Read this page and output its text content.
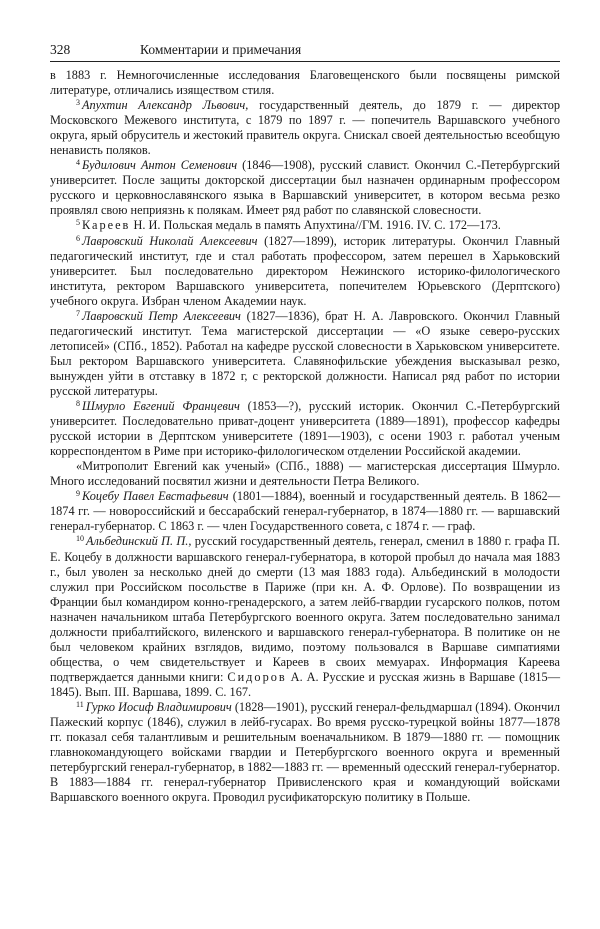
328	Комментарии и примечания

в 1883 г. Немногочисленные исследования Благовещенского были посвящены римской литературе, отличались изяществом стиля.

$^3$ Апухтин Александр Львович, государственный деятель, до 1879 г. — директор Московского Межевого института, с 1879 по 1897 г. — попечитель Варшавского учебного округа, ярый обруситель и жестокий правитель округа. Снискал своей деятельностью всеобщую ненависть поляков.

$^4$ Будилович Антон Семенович (1846—1908), русский славист. Окончил С.-Петербургский университет. После защиты докторской диссертации был назначен ординарным профессором русского и церковнославянского языка в Варшавский университет, в котором весьма резко проявлял свою неприязнь к полякам. Имеет ряд работ по славянской словесности.

$^5$ Кареев Н. И. Польская медаль в память Апухтина//ГМ. 1916. IV. С. 172—173.

$^6$ Лавровский Николай Алексеевич (1827—1899), историк литературы. Окончил Главный педагогический институт, где и стал работать профессором, затем перешел в Харьковский университет. Был последовательно директором Нежинского историко-филологического института, ректором Варшавского университета, попечителем Юрьевского (Дерптского) учебного округа. Избран членом Академии наук.

$^7$ Лавровский Петр Алексеевич (1827—1836), брат Н. А. Лавровского. Окончил Главный педагогический институт. Тема магистерской диссертации — «О языке северо-русских летописей» (СПб., 1852). Работал на кафедре русской словесности в Харьковском университете. Был ректором Варшавского университета. Славянофильские убеждения высказывал резко, вынужден уйти в отставку в 1872 г, с ректорской должности. Написал ряд работ по истории русской литературы.

$^8$ Шмурло Евгений Францевич (1853—?), русский историк. Окончил С.-Петербургский университет. Последовательно приват-доцент университета (1889—1891), профессор кафедры русской истории в Дерптском университете (1891—1903), с осени 1903 г. работал ученым корреспондентом в Риме при историко-филологическом отделении Российской академии.

«Митрополит Евгений как ученый» (СПб., 1888) — магистерская диссертация Шмурло. Много исследований посвятил жизни и деятельности Петра Великого.

$^9$ Коцебу Павел Евстафьевич (1801—1884), военный и государственный деятель. В 1862—1874 гг. — новороссийский и бессарабский генерал-губернатор, в 1874—1880 гг. — варшавский генерал-губернатор. С 1863 г. — член Государственного совета, с 1874 г. — граф.

$^{10}$ Альбединский П. П., русский государственный деятель, генерал, сменил в 1880 г. графа П. Е. Коцебу в должности варшавского генерал-губернатора, в которой пробыл до начала мая 1883 г., был уволен за несколько дней до смерти (13 мая 1883 года). Альбединский в молодости служил при Российском посольстве в Париже (при кн. А. Ф. Орлове). По возвращении из Франции был командиром конно-гренадерского, а затем лейб-гвардии гусарского полков, потом назначен начальником штаба Петербургского военного округа. Затем последовательно занимал должности прибалтийского, виленского и варшавского генерал-губернатора. В политике он не был человеком крайних взглядов, видимо, поэтому пользовался в Варшаве симпатиями общества, о чем свидетельствует и Кареев в своих мемуарах. Информация Кареева подтверждается данными книги: Сидоров А. А. Русские и русская жизнь в Варшаве (1815—1845). Вып. III. Варшава, 1899. С. 167.

$^{11}$ Гурко Иосиф Владимирович (1828—1901), русский генерал-фельдмаршал (1894). Окончил Пажеский корпус (1846), служил в лейб-гусарах. Во время русско-турецкой войны 1877—1878 гг. показал себя талантливым и решительным военачальником. В 1879—1880 гг. — помощник главнокомандующего войсками гвардии и Петербургского военного округа и временный петербургский генерал-губернатор, в 1882—1883 гг. — временный одесский генерал-губернатор. В 1883—1884 гг. генерал-губернатор Привисленского края и командующий войсками Варшавского военного округа. Проводил русификаторскую политику в Польше.
